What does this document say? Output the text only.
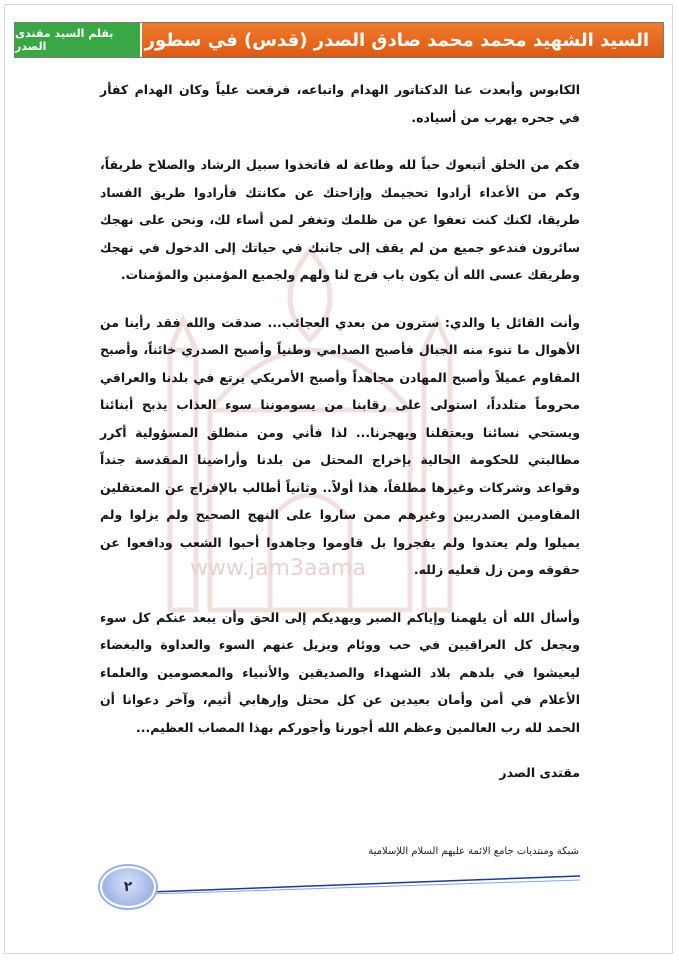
بقلم السيد مقتدى الصدر	السيد الشهيد محمد محمد صادق الصدر (قدس) في سطور
www.jam3aama

الكابوس وأبعدت عنا الدكتاتور الهدام واتباعه، فرفعت علياً وكان الهدام كفأر في جحره يهرب من أسياده.

فكم من الخلق أتبعوك حباً لله وطاعة له فاتخذوا سبيل الرشاد والصلاح طريقاً، وكم من الأعداء أرادوا تحجيمك وإزاحتك عن مكانتك فأرادوا طريق الفساد طريقا، لكنك كنت تعفوا عن من ظلمك وتغفر لمن أساء لك، ونحن على نهجك سائرون فندعو جميع من لم يقف إلى جانبك في حياتك إلى الدخول في نهجك وطريقك عسى الله أن يكون باب فرج لنا ولهم ولجميع المؤمنين والمؤمنات.

وأنت القائل يا والدي: سترون من بعدي العجائب... صدقت والله فقد رأينا من الأهوال ما تنوء منه الجبال فأصبح الصدامي وطنياً وأصبح الصدري خائناً، وأصبح المقاوم عميلاً وأصبح المهادن مجاهداً وأصبح الأمريكي يرتع في بلدنا والعراقي محروماً متلدداً، استولى على رقابنا من يسوموننا سوء العذاب يذبح أبنائنا ويستحي نسائنا ويعتقلنا ويهجرنا... لذا فأني ومن منطلق المسؤولية أكرر مطالبتي للحكومة الحالية بإخراج المحتل من بلدنا وأراضينا المقدسة جنداً وقواعد وشركات وغيرها مطلقاً، هذا أولاً.. وثانياً أطالب بالإفراج عن المعتقلين المقاومين الصدريين وغيرهم ممن ساروا على النهج الصحيح ولم يزلوا ولم يميلوا ولم يعتدوا ولم يفجروا بل قاوموا وجاهدوا أحبوا الشعب ودافعوا عن حقوقه ومن زل فعليه زلله.

وأسأل الله أن يلهمنا وإياكم الصبر ويهديكم إلى الحق وأن يبعد عنكم كل سوء ويجعل كل العراقيين في حب ووئام ويزيل عنهم السوء والعداوة والبغضاء ليعيشوا في بلدهم بلاد الشهداء والصديقين والأنبياء والمعصومين والعلماء الأعلام في أمن وأمان بعيدين عن كل محتل وإرهابي أثيم، وآخر دعوانا أن الحمد لله رب العالمين وعظم الله أجورنا وأجوركم بهذا المصاب العظيم...

مقتدى الصدر

شبكة ومنتديات جامع الائمة عليهم السلام اللإسلامية
٢
